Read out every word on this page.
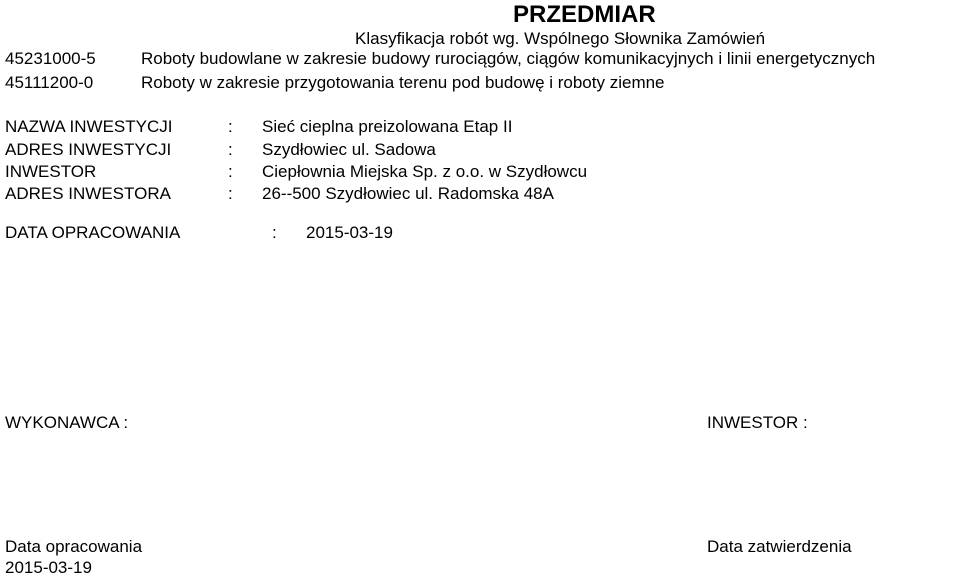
PRZEDMIAR
Klasyfikacja robót wg. Wspólnego Słownika Zamówień
45231000-5	Roboty budowlane w zakresie budowy rurociągów, ciągów komunikacyjnych i linii energetycznych
45111200-0	Roboty w zakresie przygotowania terenu pod budowę i roboty ziemne
NAZWA INWESTYCJI	: Sieć cieplna preizolowana Etap II
ADRES INWESTYCJI	: Szydłowiec ul. Sadowa
INWESTOR	: Ciepłownia Miejska Sp. z o.o. w Szydłowcu
ADRES INWESTORA	: 26--500 Szydłowiec ul. Radomska 48A
DATA OPRACOWANIA	: 2015-03-19
WYKONAWCA :	INWESTOR :
Data opracowania	Data zatwierdzenia
2015-03-19
